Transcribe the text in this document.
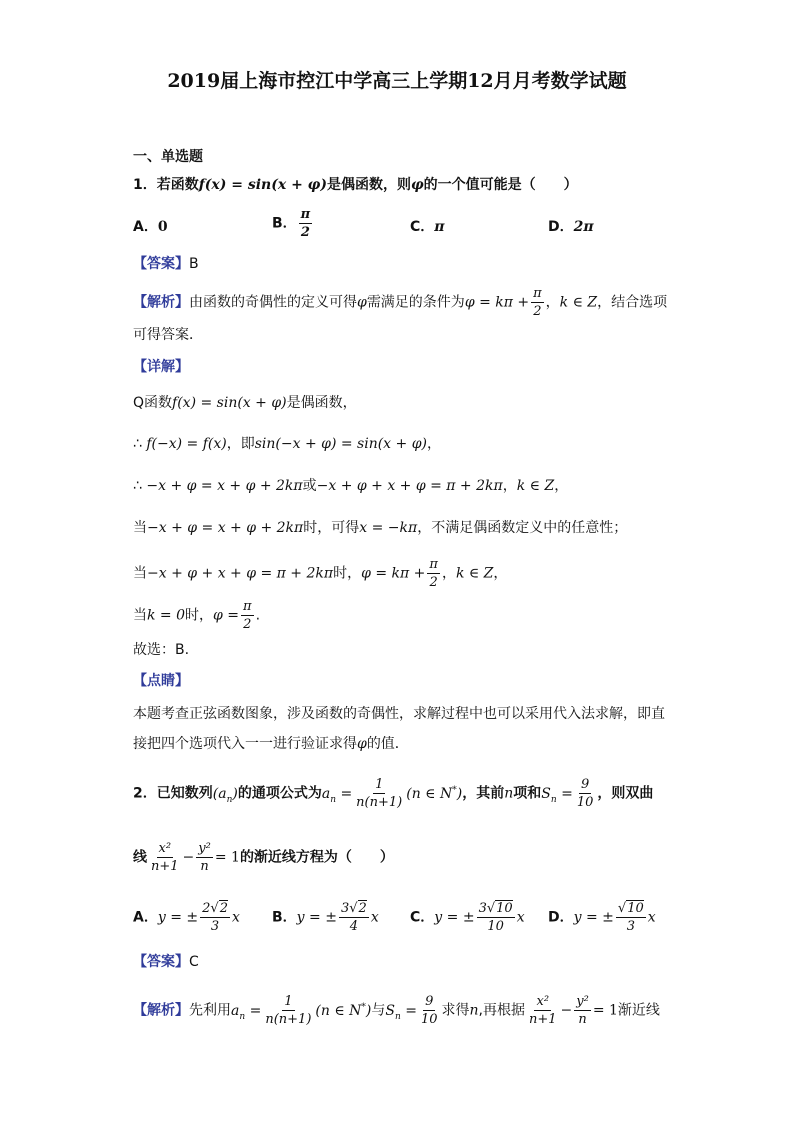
2019届上海市控江中学高三上学期12月月考数学试题
一、单选题
1．若函数f(x) = sin(x + φ)是偶函数，则φ的一个值可能是（　　）
A．0	B． $\frac{\pi}{2}$	C．π	D．2π
【答案】B
【解析】由函数的奇偶性的定义可得φ需满足的条件为$\varphi = k\pi + \frac{\pi}{2}$ ，k ∈ Z，结合选项
可得答案．
【详解】
Q函数f(x) = sin(x + φ)是偶函数，
∴ f(−x) = f(x)，即sin(−x + φ) = sin(x + φ)，
∴ −x + φ = x + φ + 2kπ或−x + φ + x + φ = π + 2kπ，k ∈ Z，
当−x + φ = x + φ + 2kπ时，可得x = −kπ，不满足偶函数定义中的任意性；
当−x + φ + x + φ = π + 2kπ时，$\varphi = k\pi + \frac{\pi}{2}$ ，k ∈ Z，
当k = 0时，$\varphi = \frac{\pi}{2}$ .
故选：B.
【点睛】
本题考查正弦函数图象，涉及函数的奇偶性，求解过程中也可以采用代入法求解，即直
接把四个选项代入一一进行验证求得φ的值．
2．已知数列$(a_n)$的通项公式为$a_n = \frac{1}{n(n+1)} (n$ ∈ N*)，其前n项和$S_n = \frac{9}{10}$ ，则双曲
线 $\frac{\text{x²}}{n+1} - \frac{\text{y²}}{n} = 1$的渐近线方程为（　　）
A．y = ± $\frac{2√2}{3}$ x B．y = ± $\frac{3√2}{4}$ x C．y = ± $\frac{3√10}{10}$ x D．y = ± $\frac{√10}{3}$ x
【答案】C
【解析】先利用$a_n = \frac{1}{n(n+1)} (n$ ∈ N*)与$S_n = \frac{9}{10}$ 求得n,再根据 $\frac{\text{x²}}{n+1} - \frac{\text{y²}}{n} = 1$渐近线
